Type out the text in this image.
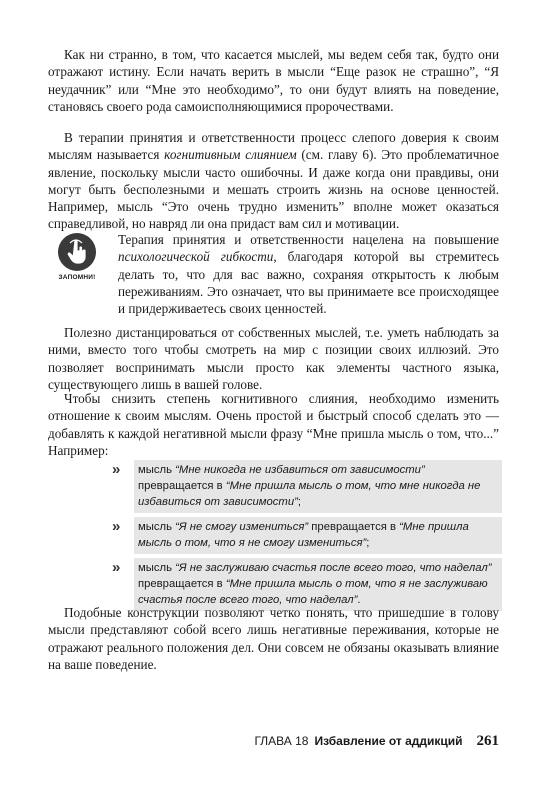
Как ни странно, в том, что касается мыслей, мы ведем себя так, будто они отражают истину. Если начать верить в мысли “Еще разок не страшно”, “Я неудачник” или “Мне это необходимо”, то они будут влиять на поведение, становясь своего рода самоисполняющимися пророчествами.

В терапии принятия и ответственности процесс слепого доверия к своим мыслям называется когнитивным слиянием (см. главу 6). Это проблематичное явление, поскольку мысли часто ошибочны. И даже когда они правдивы, они могут быть бесполезными и мешать строить жизнь на основе ценностей. Например, мысль “Это очень трудно изменить” вполне может оказаться справедливой, но навряд ли она придаст вам сил и мотивации.

ЗАПОМНИ!

Терапия принятия и ответственности нацелена на повышение психологической гибкости, благодаря которой вы стремитесь делать то, что для вас важно, сохраняя открытость к любым переживаниям. Это означает, что вы принимаете все происходящее и придерживаетесь своих ценностей.

Полезно дистанцироваться от собственных мыслей, т.е. уметь наблюдать за ними, вместо того чтобы смотреть на мир с позиции своих иллюзий. Это позволяет воспринимать мысли просто как элементы частного языка, существующего лишь в вашей голове.

Чтобы снизить степень когнитивного слияния, необходимо изменить отношение к своим мыслям. Очень простой и быстрый способ сделать это — добавлять к каждой негативной мысли фразу “Мне пришла мысль о том, что...” Например:

»	мысль “Мне никогда не избавиться от зависимости” превращается в “Мне пришла мысль о том, что мне никогда не избавиться от зависимости”;
»	мысль “Я не смогу измениться” превращается в “Мне пришла мысль о том, что я не смогу измениться”;
»	мысль “Я не заслуживаю счастья после всего того, что наделал” превращается в “Мне пришла мысль о том, что я не заслуживаю счастья после всего того, что наделал”.

Подобные конструкции позволяют четко понять, что пришедшие в голову мысли представляют собой всего лишь негативные переживания, которые не отражают реального положения дел. Они совсем не обязаны оказывать влияние на ваше поведение.

ГЛАВА 18 Избавление от аддикций 261
